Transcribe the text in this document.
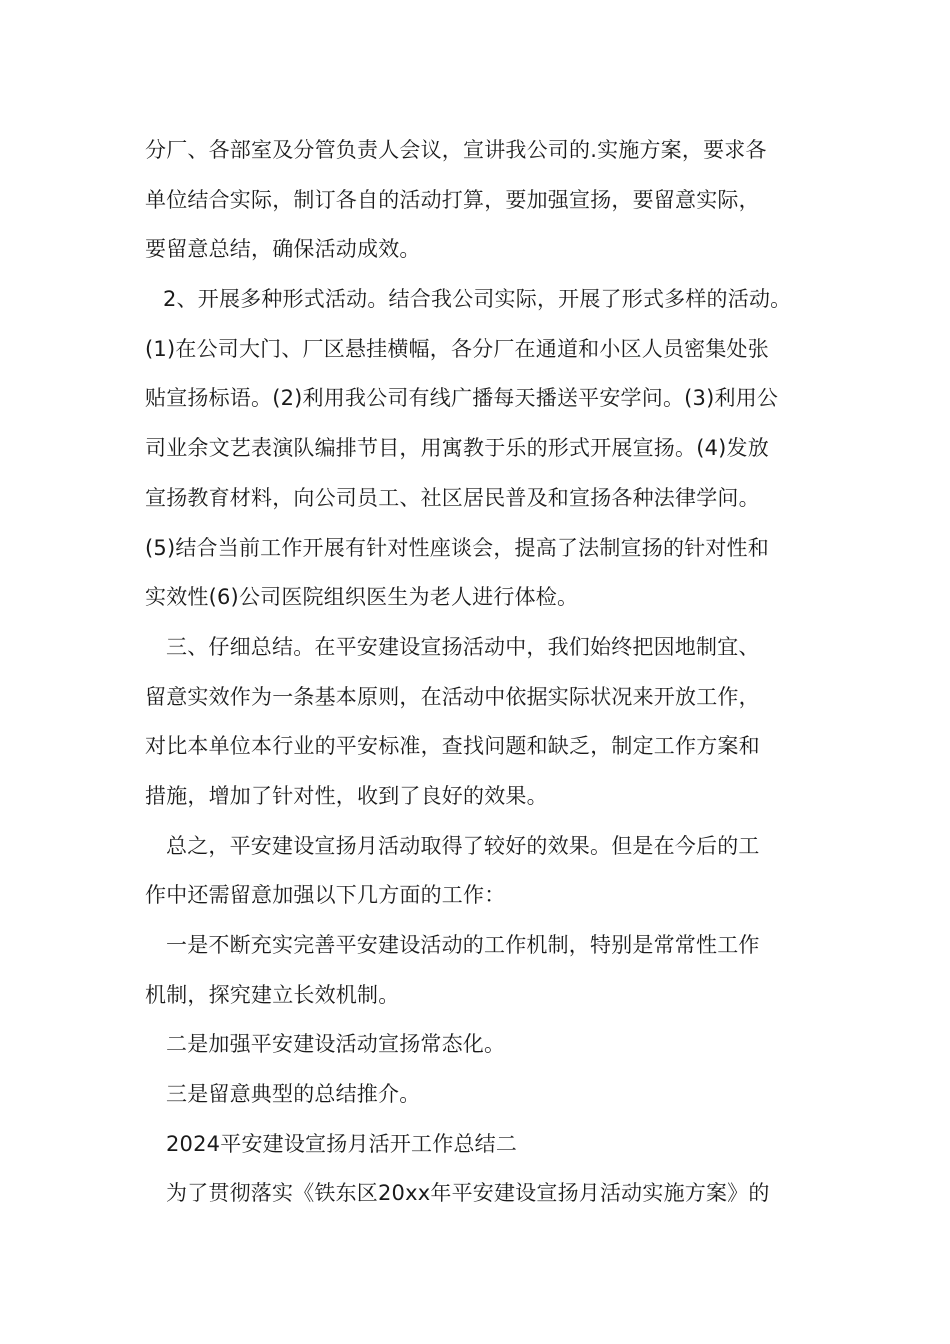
分厂、各部室及分管负责人会议，宣讲我公司的.实施方案，要求各
单位结合实际，制订各自的活动打算，要加强宣扬，要留意实际，
要留意总结，确保活动成效。
2、开展多种形式活动。结合我公司实际，开展了形式多样的活动。
(1)在公司大门、厂区悬挂横幅，各分厂在通道和小区人员密集处张
贴宣扬标语。(2)利用我公司有线广播每天播送平安学问。(3)利用公
司业余文艺表演队编排节目，用寓教于乐的形式开展宣扬。(4)发放
宣扬教育材料，向公司员工、社区居民普及和宣扬各种法律学问。
(5)结合当前工作开展有针对性座谈会，提高了法制宣扬的针对性和
实效性(6)公司医院组织医生为老人进行体检。
三、仔细总结。在平安建设宣扬活动中，我们始终把因地制宜、
留意实效作为一条基本原则，在活动中依据实际状况来开放工作，
对比本单位本行业的平安标准，查找问题和缺乏，制定工作方案和
措施，增加了针对性，收到了良好的效果。
总之，平安建设宣扬月活动取得了较好的效果。但是在今后的工
作中还需留意加强以下几方面的工作：
一是不断充实完善平安建设活动的工作机制，特别是常常性工作
机制，探究建立长效机制。
二是加强平安建设活动宣扬常态化。
三是留意典型的总结推介。
2024平安建设宣扬月活开工作总结二
为了贯彻落实《铁东区20xx年平安建设宣扬月活动实施方案》的
